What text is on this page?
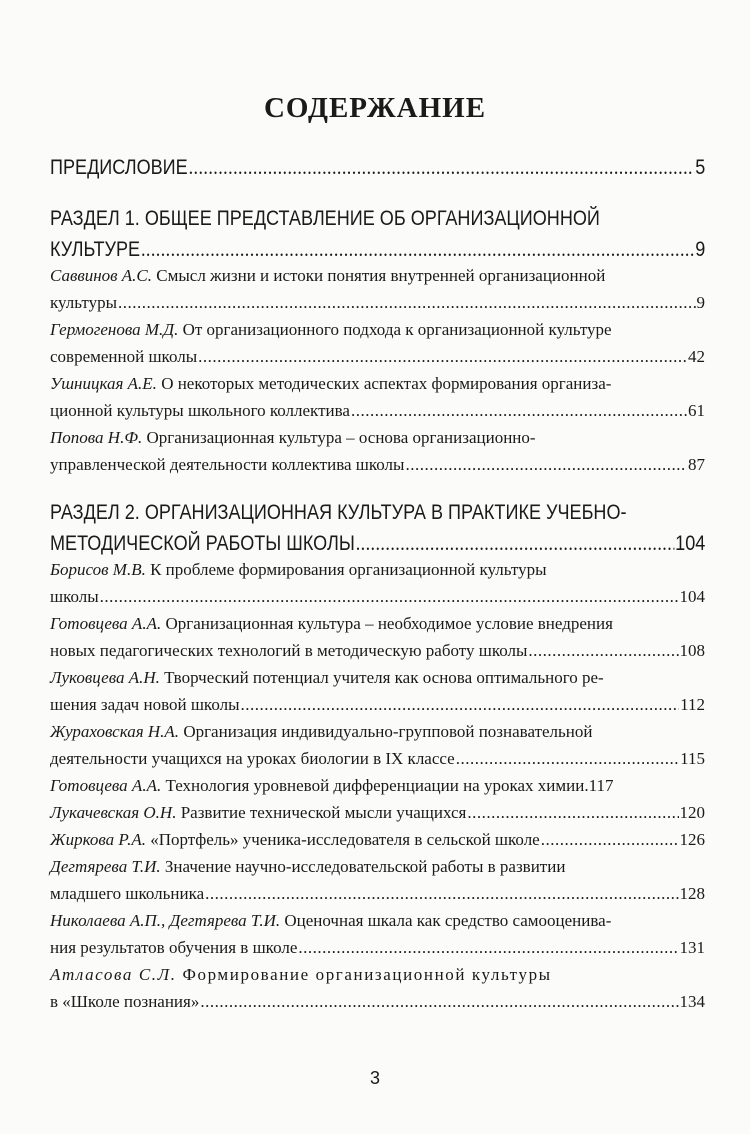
СОДЕРЖАНИЕ
ПРЕДИСЛОВИЕ .....	5
РАЗДЕЛ 1. ОБЩЕЕ ПРЕДСТАВЛЕНИЕ ОБ ОРГАНИЗАЦИОННОЙ
КУЛЬТУРЕ .....	9
Саввинов А.С. Смысл жизни и истоки понятия внутренней организационной
культуры .....	9
Гермогенова М.Д. От организационного подхода к организационной культуре
современной школы .....	42
Ушницкая А.Е. О некоторых методических аспектах формирования организа-
ционной культуры школьного коллектива .....	61
Попова Н.Ф. Организационная культура – основа организационно-
управленческой деятельности коллектива школы .....	87
РАЗДЕЛ 2. ОРГАНИЗАЦИОННАЯ КУЛЬТУРА В ПРАКТИКЕ УЧЕБНО-
МЕТОДИЧЕСКОЙ РАБОТЫ ШКОЛЫ .....	104
Борисов М.В. К проблеме формирования организационной культуры
школы .....	104
Готовцева А.А. Организационная культура – необходимое условие внедрения
новых педагогических технологий в методическую работу школы .....	108
Луковцева А.Н. Творческий потенциал учителя как основа оптимального ре-
шения задач новой школы .....	112
Жураховская Н.А. Организация индивидуально-групповой познавательной
деятельности учащихся на уроках биологии в IX классе .....	115
Готовцева А.А. Технология уровневой дифференциации на уроках химии. 117
Лукачевская О.Н. Развитие технической мысли учащихся .....	120
Жиркова Р.А. «Портфель» ученика-исследователя в сельской школе .....	126
Дегтярева Т.И. Значение научно-исследовательской работы в развитии
младшего школьника .....	128
Николаева А.П., Дегтярева Т.И. Оценочная шкала как средство самооценива-
ния результатов обучения в школе .....	131
Атласова С.Л. Формирование организационной культуры
в «Школе познания» .....	134
3
